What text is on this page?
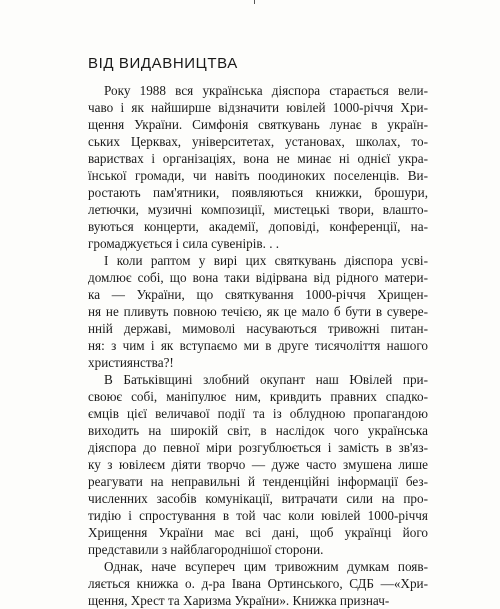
ВІД ВИДАВНИЦТВА
Року 1988 вся українська діяспора старається вели-
чаво і як найширше відзначити ювілей 1000-річчя Хри-
щення України. Симфонія святкувань лунає в україн-
ських Церквах, університетах, установах, школах, то-
вариствах і організаціях, вона не минає ні однієї укра-
їнської громади, чи навіть поодиноких поселенців. Ви-
ростають пам'ятники, появляються книжки, брошури,
летючки, музичні композиції, мистецькі твори, влашто-
вуються концерти, академії, доповіді, конференції, на-
громаджується і сила сувенірів. . .
І коли раптом у вирі цих святкувань діяспора усві-
домлює собі, що вона таки відірвана від рідного матери-
ка — України, що святкування 1000-річчя Хрищен-
ня не пливуть повною течією, як це мало б бути в сувере-
нній державі, мимоволі насуваються тривожні питан-
ня: з чим і як вступаємо ми в друге тисячоліття нашого
християнства?!
В Батьківщині злобний окупант наш Ювілей при-
своює собі, маніпулює ним, кривдить правних спадко-
ємців цієї величавої події та із облудною пропагандою
виходить на широкій світ, в наслідок чого українська
діяспора до певної міри розгублюється і замість в зв'яз-
ку з ювілеєм діяти творчо — дуже часто змушена лише
реагувати на неправильні й тенденційні інформації без-
численних засобів комунікації, витрачати сили на про-
тидію і спростування в той час коли ювілей 1000-річчя
Хрищення України має всі дані, щоб українці його
представили з найблагороднішої сторони.
Однак, наче всупереч цим тривожним думкам появ-
ляється книжка о. д-ра Івана Ортинського, СДБ —«Хри-
щення, Хрест та Харизма України». Книжка признач-
